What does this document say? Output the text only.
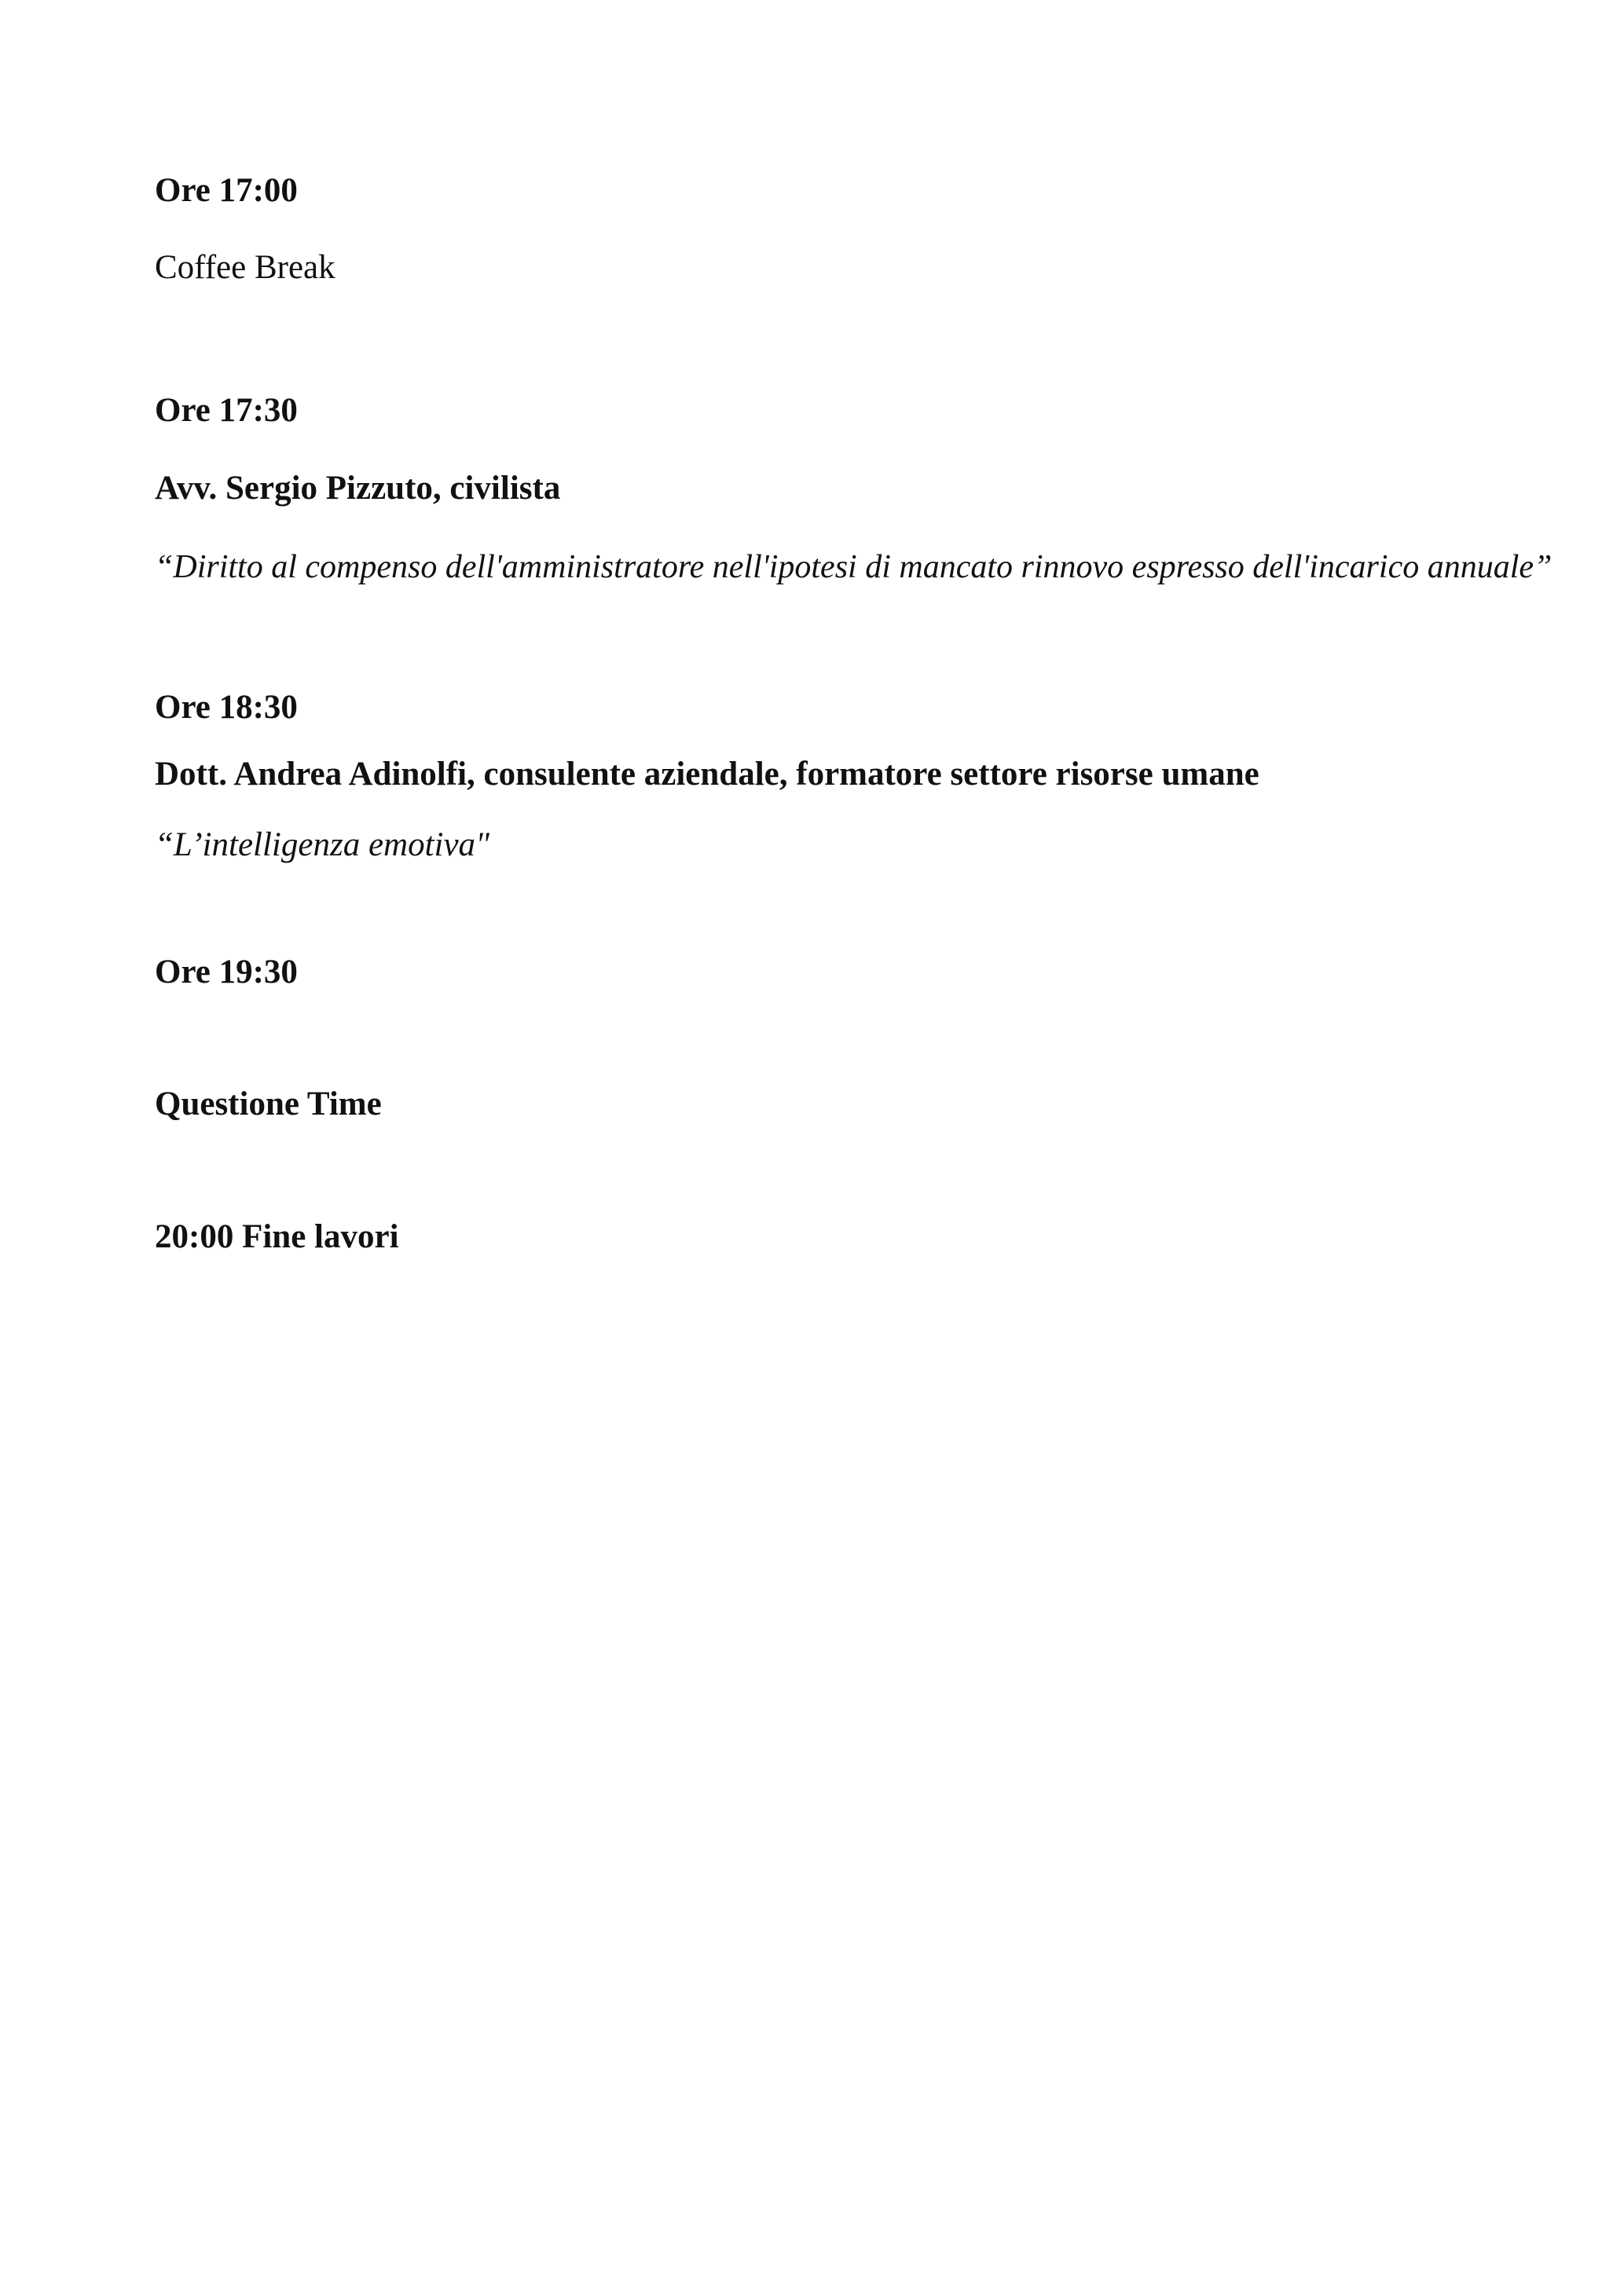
Ore 17:00

Coffee Break

Ore 17:30

Avv. Sergio Pizzuto, civilista

“Diritto al compenso dell'amministratore nell'ipotesi di mancato rinnovo espresso dell'incarico annuale”

Ore 18:30

Dott. Andrea Adinolfi, consulente aziendale, formatore settore risorse umane

“L’intelligenza emotiva"

Ore 19:30

Questione Time

20:00 Fine lavori
